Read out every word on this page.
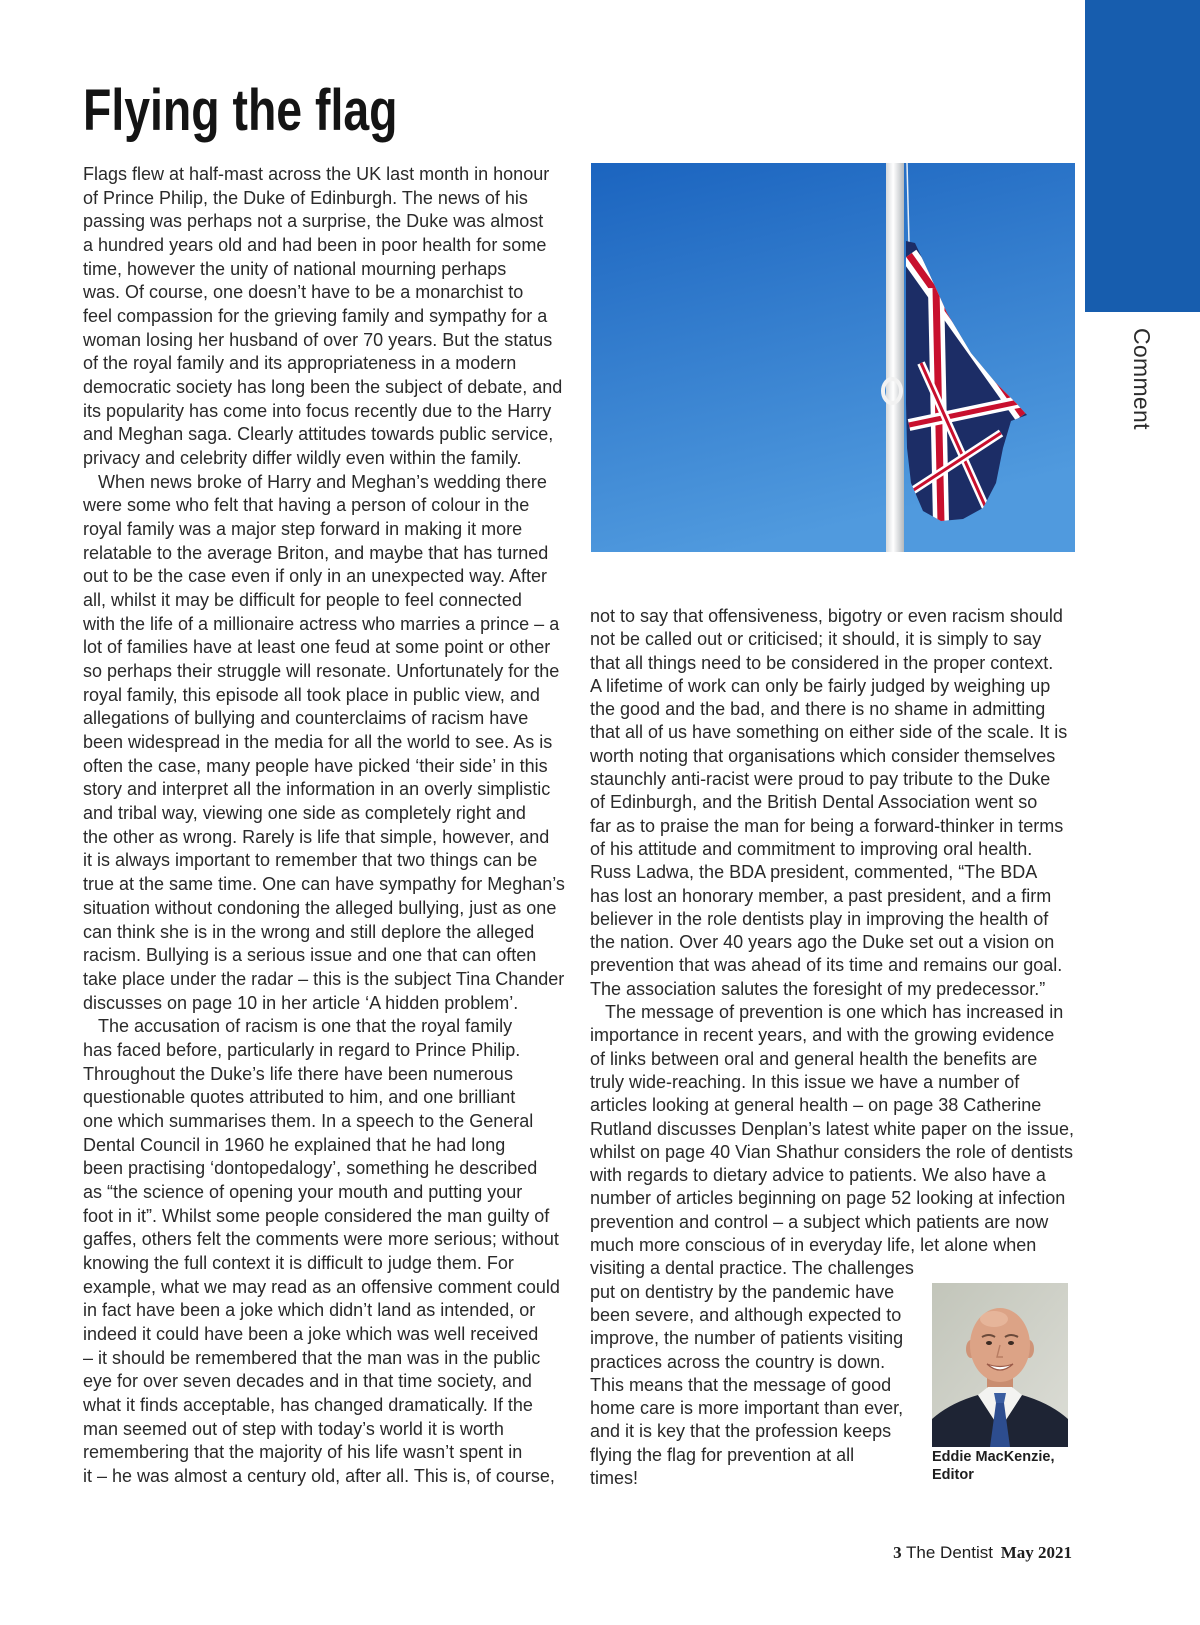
Comment
Flying the flag
Flags flew at half-mast across the UK last month in honour
of Prince Philip, the Duke of Edinburgh. The news of his
passing was perhaps not a surprise, the Duke was almost
a hundred years old and had been in poor health for some
time, however the unity of national mourning perhaps
was. Of course, one doesn’t have to be a monarchist to
feel compassion for the grieving family and sympathy for a
woman losing her husband of over 70 years. But the status
of the royal family and its appropriateness in a modern
democratic society has long been the subject of debate, and
its popularity has come into focus recently due to the Harry
and Meghan saga. Clearly attitudes towards public service,
privacy and celebrity differ wildly even within the family.
When news broke of Harry and Meghan’s wedding there
were some who felt that having a person of colour in the
royal family was a major step forward in making it more
relatable to the average Briton, and maybe that has turned
out to be the case even if only in an unexpected way. After
all, whilst it may be difficult for people to feel connected
with the life of a millionaire actress who marries a prince – a
lot of families have at least one feud at some point or other
so perhaps their struggle will resonate. Unfortunately for the
royal family, this episode all took place in public view, and
allegations of bullying and counterclaims of racism have
been widespread in the media for all the world to see. As is
often the case, many people have picked ‘their side’ in this
story and interpret all the information in an overly simplistic
and tribal way, viewing one side as completely right and
the other as wrong. Rarely is life that simple, however, and
it is always important to remember that two things can be
true at the same time. One can have sympathy for Meghan’s
situation without condoning the alleged bullying, just as one
can think she is in the wrong and still deplore the alleged
racism. Bullying is a serious issue and one that can often
take place under the radar – this is the subject Tina Chander
discusses on page 10 in her article ‘A hidden problem’.
The accusation of racism is one that the royal family
has faced before, particularly in regard to Prince Philip.
Throughout the Duke’s life there have been numerous
questionable quotes attributed to him, and one brilliant
one which summarises them. In a speech to the General
Dental Council in 1960 he explained that he had long
been practising ‘dontopedalogy’, something he described
as “the science of opening your mouth and putting your
foot in it”. Whilst some people considered the man guilty of
gaffes, others felt the comments were more serious; without
knowing the full context it is difficult to judge them. For
example, what we may read as an offensive comment could
in fact have been a joke which didn’t land as intended, or
indeed it could have been a joke which was well received
– it should be remembered that the man was in the public
eye for over seven decades and in that time society, and
what it finds acceptable, has changed dramatically. If the
man seemed out of step with today’s world it is worth
remembering that the majority of his life wasn’t spent in
it – he was almost a century old, after all. This is, of course,
not to say that offensiveness, bigotry or even racism should
not be called out or criticised; it should, it is simply to say
that all things need to be considered in the proper context.
A lifetime of work can only be fairly judged by weighing up
the good and the bad, and there is no shame in admitting
that all of us have something on either side of the scale. It is
worth noting that organisations which consider themselves
staunchly anti-racist were proud to pay tribute to the Duke
of Edinburgh, and the British Dental Association went so
far as to praise the man for being a forward-thinker in terms
of his attitude and commitment to improving oral health.
Russ Ladwa, the BDA president, commented, “The BDA
has lost an honorary member, a past president, and a firm
believer in the role dentists play in improving the health of
the nation. Over 40 years ago the Duke set out a vision on
prevention that was ahead of its time and remains our goal.
The association salutes the foresight of my predecessor.”
The message of prevention is one which has increased in
importance in recent years, and with the growing evidence
of links between oral and general health the benefits are
truly wide-reaching. In this issue we have a number of
articles looking at general health – on page 38 Catherine
Rutland discusses Denplan’s latest white paper on the issue,
whilst on page 40 Vian Shathur considers the role of dentists
with regards to dietary advice to patients. We also have a
number of articles beginning on page 52 looking at infection
prevention and control – a subject which patients are now
much more conscious of in everyday life, let alone when
visiting a dental practice. The challenges
put on dentistry by the pandemic have
been severe, and although expected to
improve, the number of patients visiting
practices across the country is down.
This means that the message of good
home care is more important than ever,
and it is key that the profession keeps
flying the flag for prevention at all
times!
Eddie MacKenzie,
Editor
3 The Dentist May 2021
